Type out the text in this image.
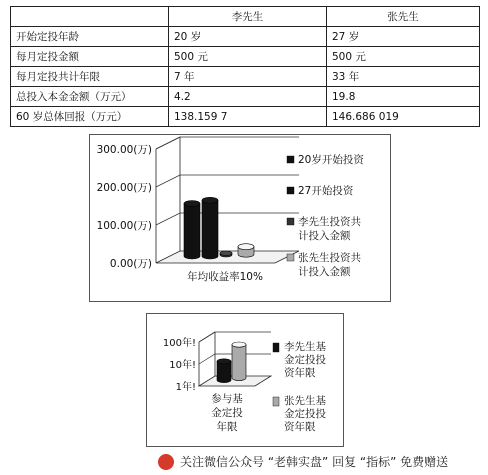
	李先生	张先生
开始定投年龄	20 岁	27 岁
每月定投金额	500 元	500 元
每月定投共计年限	7 年	33 年
总投入本金金额（万元）	4.2	19.8
60 岁总体回报（万元）	138.159 7	146.686 019
0.00(万)
100.00(万)
200.00(万)
300.00(万)
年均收益率10%
20岁开始投资
27开始投资
李先生投资共
计投入金额
张先生投资共
计投入金额
1年!
10年!
100年!
参与基
金定投
年限
李先生基
金定投投
资年限
张先生基
金定投投
资年限
关注微信公众号 “老韩实盘” 回复 “指标” 免费赠送
